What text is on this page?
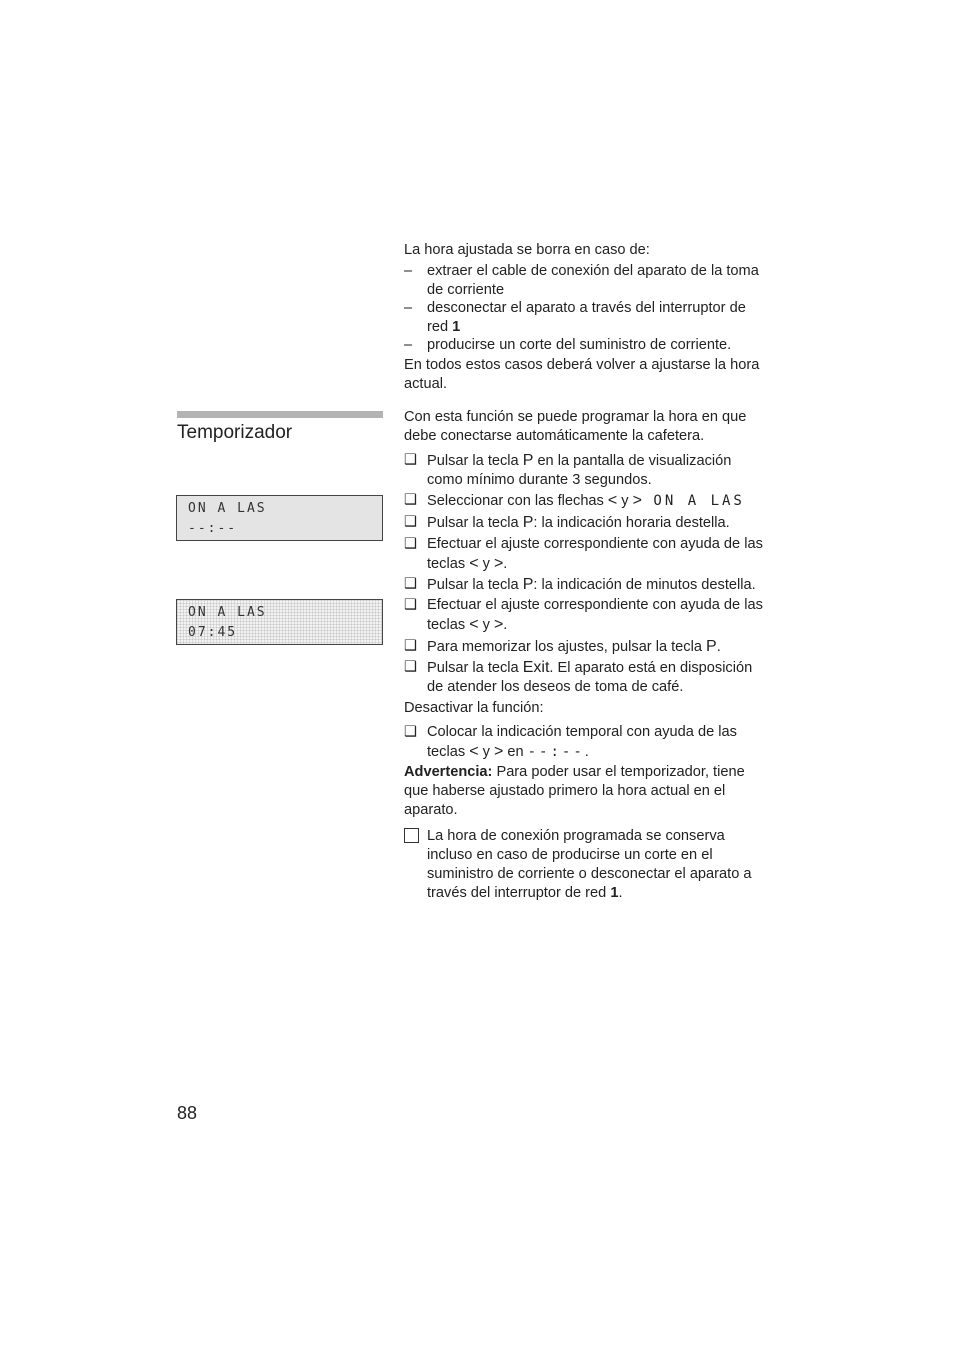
La hora ajustada se borra en caso de:
– extraer el cable de conexión del aparato de la toma
de corriente
– desconectar el aparato a través del interruptor de
red 1
– producirse un corte del suministro de corriente.
En todos estos casos deberá volver a ajustarse la hora
actual.
Temporizador
Con esta función se puede programar la hora en que
debe conectarse automáticamente la cafetera.
ON A LAS
--:--
ON A LAS
07:45
❑ Pulsar la tecla P en la pantalla de visualización
como mínimo durante 3 segundos.
❑ Seleccionar con las flechas < y > ON A LAS
❑ Pulsar la tecla P: la indicación horaria destella.
❑ Efectuar el ajuste correspondiente con ayuda de las
teclas < y >.
❑ Pulsar la tecla P: la indicación de minutos destella.
❑ Efectuar el ajuste correspondiente con ayuda de las
teclas < y >.
❑ Para memorizar los ajustes, pulsar la tecla P.
❑ Pulsar la tecla Exit. El aparato está en disposición
de atender los deseos de toma de café.
Desactivar la función:
❑ Colocar la indicación temporal con ayuda de las
teclas < y > en --:--.
Advertencia: Para poder usar el temporizador, tiene
que haberse ajustado primero la hora actual en el
aparato.
La hora de conexión programada se conserva
incluso en caso de producirse un corte en el
suministro de corriente o desconectar el aparato a
través del interruptor de red 1.
88
